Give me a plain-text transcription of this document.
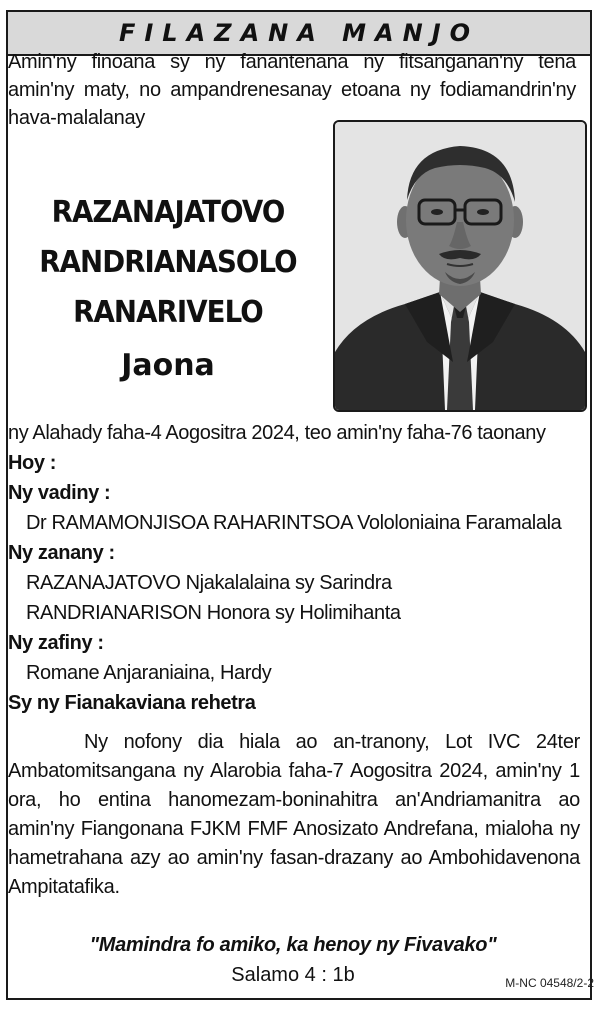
FILAZANA MANJO
Amin'ny finoana sy ny fanantenana ny fitsanganan'ny tena amin'ny maty, no ampandrenesanay etoana ny fodiamandrin'ny hava-malalanay
RAZANAJATOVO
RANDRIANASOLO
RANARIVELO
Jaona
ny Alahady faha-4 Aogositra 2024, teo amin'ny faha-76 taonany
Hoy :
Ny vadiny :
Dr RAMAMONJISOA RAHARINTSOA Vololoniaina Faramalala
Ny zanany :
RAZANAJATOVO Njakalalaina sy Sarindra
RANDRIANARISON Honora sy Holimihanta
Ny zafiny :
Romane Anjaraniaina, Hardy
Sy ny Fianakaviana rehetra
Ny nofony dia hiala ao an-tranony, Lot IVC 24ter Ambatomitsangana ny Alarobia faha-7 Aogositra 2024, amin'ny 1 ora, ho entina hanomezam-boninahitra an'Andriamanitra ao amin'ny Fiangonana FJKM FMF Anosizato Andrefana, mialoha ny hametrahana azy ao amin'ny fasan-drazany ao Ambohidavenona Ampitatafika.
"Mamindra fo amiko, ka henoy ny Fivavako"
Salamo 4 : 1b	M-NC 04548/2-2
